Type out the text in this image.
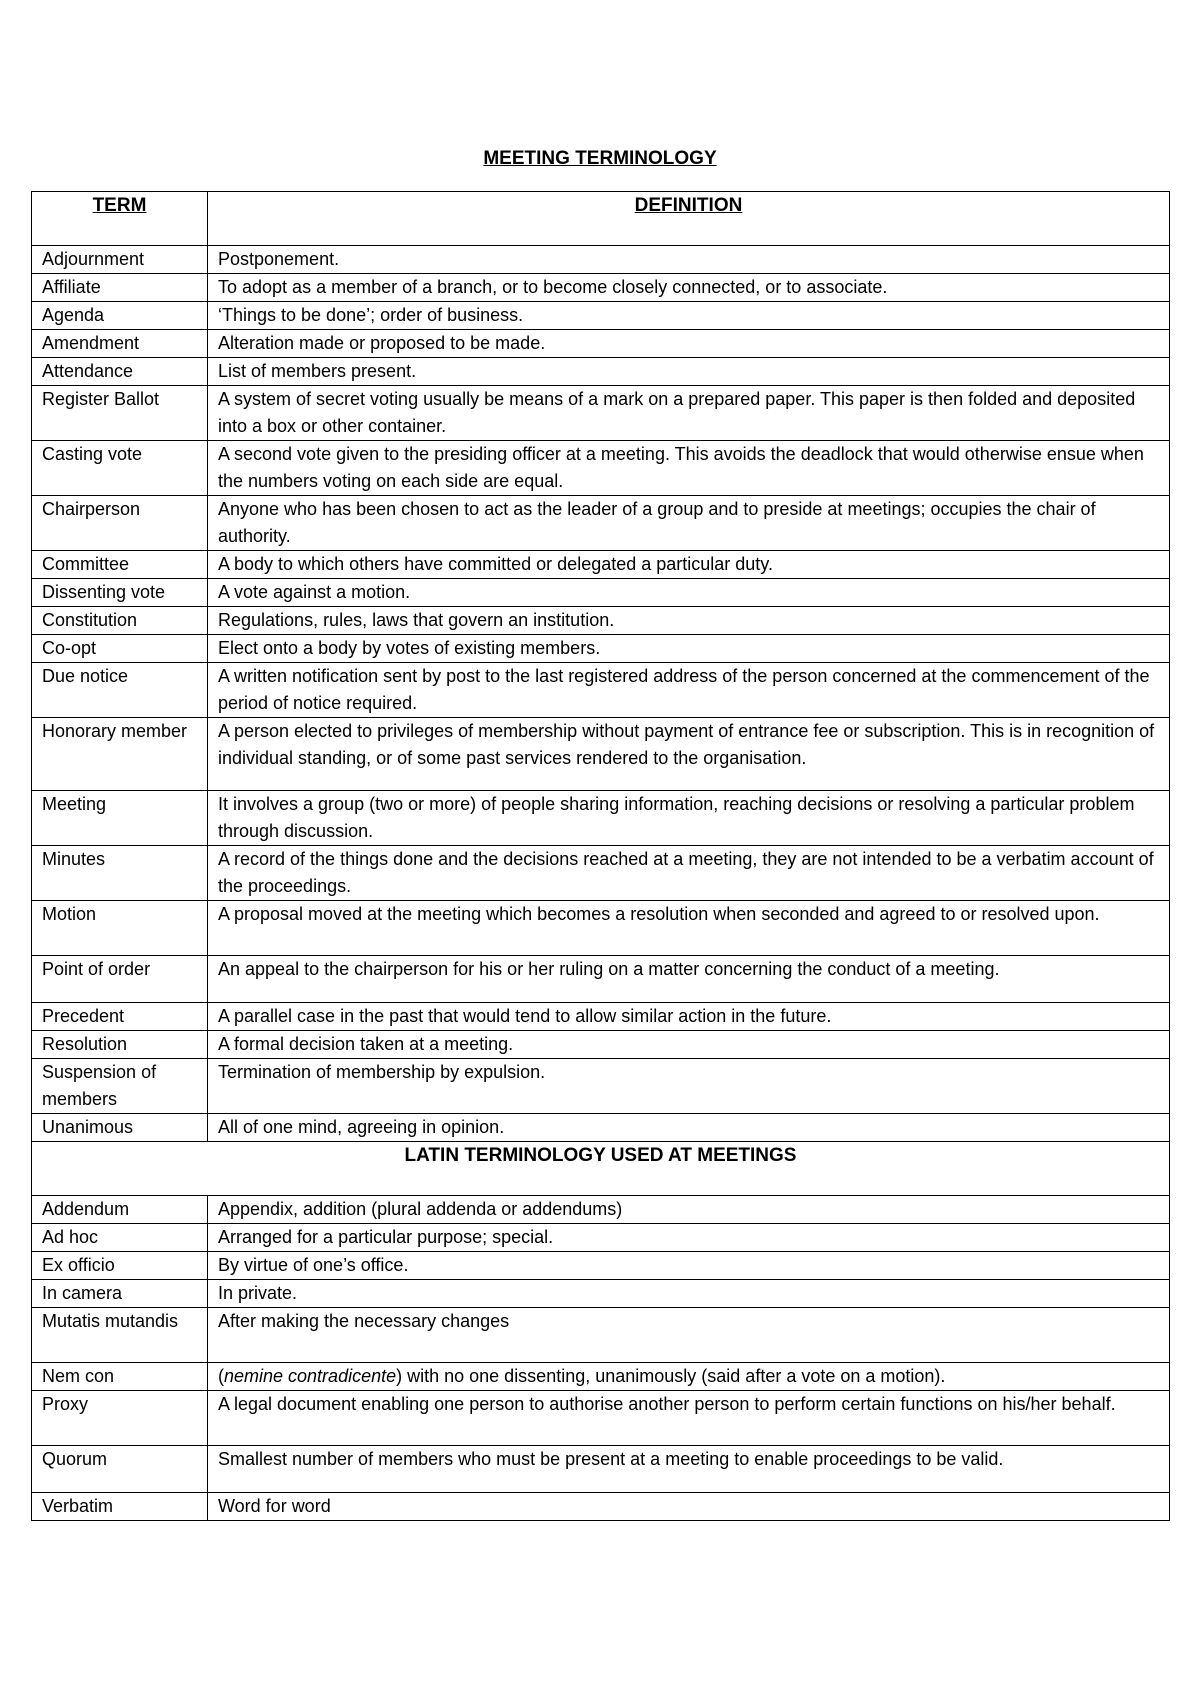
MEETING TERMINOLOGY
TERM	DEFINITION
Adjournment	Postponement.
Affiliate	To adopt as a member of a branch, or to become closely connected, or to associate.
Agenda	‘Things to be done’; order of business.
Amendment	Alteration made or proposed to be made.
Attendance	List of members present.
Register Ballot	A system of secret voting usually be means of a mark on a prepared paper. This paper is then folded and deposited into a box or other container.
Casting vote	A second vote given to the presiding officer at a meeting. This avoids the deadlock that would otherwise ensue when the numbers voting on each side are equal.
Chairperson	Anyone who has been chosen to act as the leader of a group and to preside at meetings; occupies the chair of authority.
Committee	A body to which others have committed or delegated a particular duty.
Dissenting vote	A vote against a motion.
Constitution	Regulations, rules, laws that govern an institution.
Co-opt	Elect onto a body by votes of existing members.
Due notice	A written notification sent by post to the last registered address of the person concerned at the commencement of the period of notice required.
Honorary member	A person elected to privileges of membership without payment of entrance fee or subscription. This is in recognition of individual standing, or of some past services rendered to the organisation.
Meeting	It involves a group (two or more) of people sharing information, reaching decisions or resolving a particular problem through discussion.
Minutes	A record of the things done and the decisions reached at a meeting, they are not intended to be a verbatim account of the proceedings.
Motion	A proposal moved at the meeting which becomes a resolution when seconded and agreed to or resolved upon.
Point of order	An appeal to the chairperson for his or her ruling on a matter concerning the conduct of a meeting.
Precedent	A parallel case in the past that would tend to allow similar action in the future.
Resolution	A formal decision taken at a meeting.
Suspension of members	Termination of membership by expulsion.
Unanimous	All of one mind, agreeing in opinion.
LATIN TERMINOLOGY USED AT MEETINGS	
Addendum	Appendix, addition (plural addenda or addendums)
Ad hoc	Arranged for a particular purpose; special.
Ex officio	By virtue of one’s office.
In camera	In private.
Mutatis mutandis	After making the necessary changes
Nem con	(nemine contradicente) with no one dissenting, unanimously (said after a vote on a motion).
Proxy	A legal document enabling one person to authorise another person to perform certain functions on his/her behalf.
Quorum	Smallest number of members who must be present at a meeting to enable proceedings to be valid.
Verbatim	Word for word
